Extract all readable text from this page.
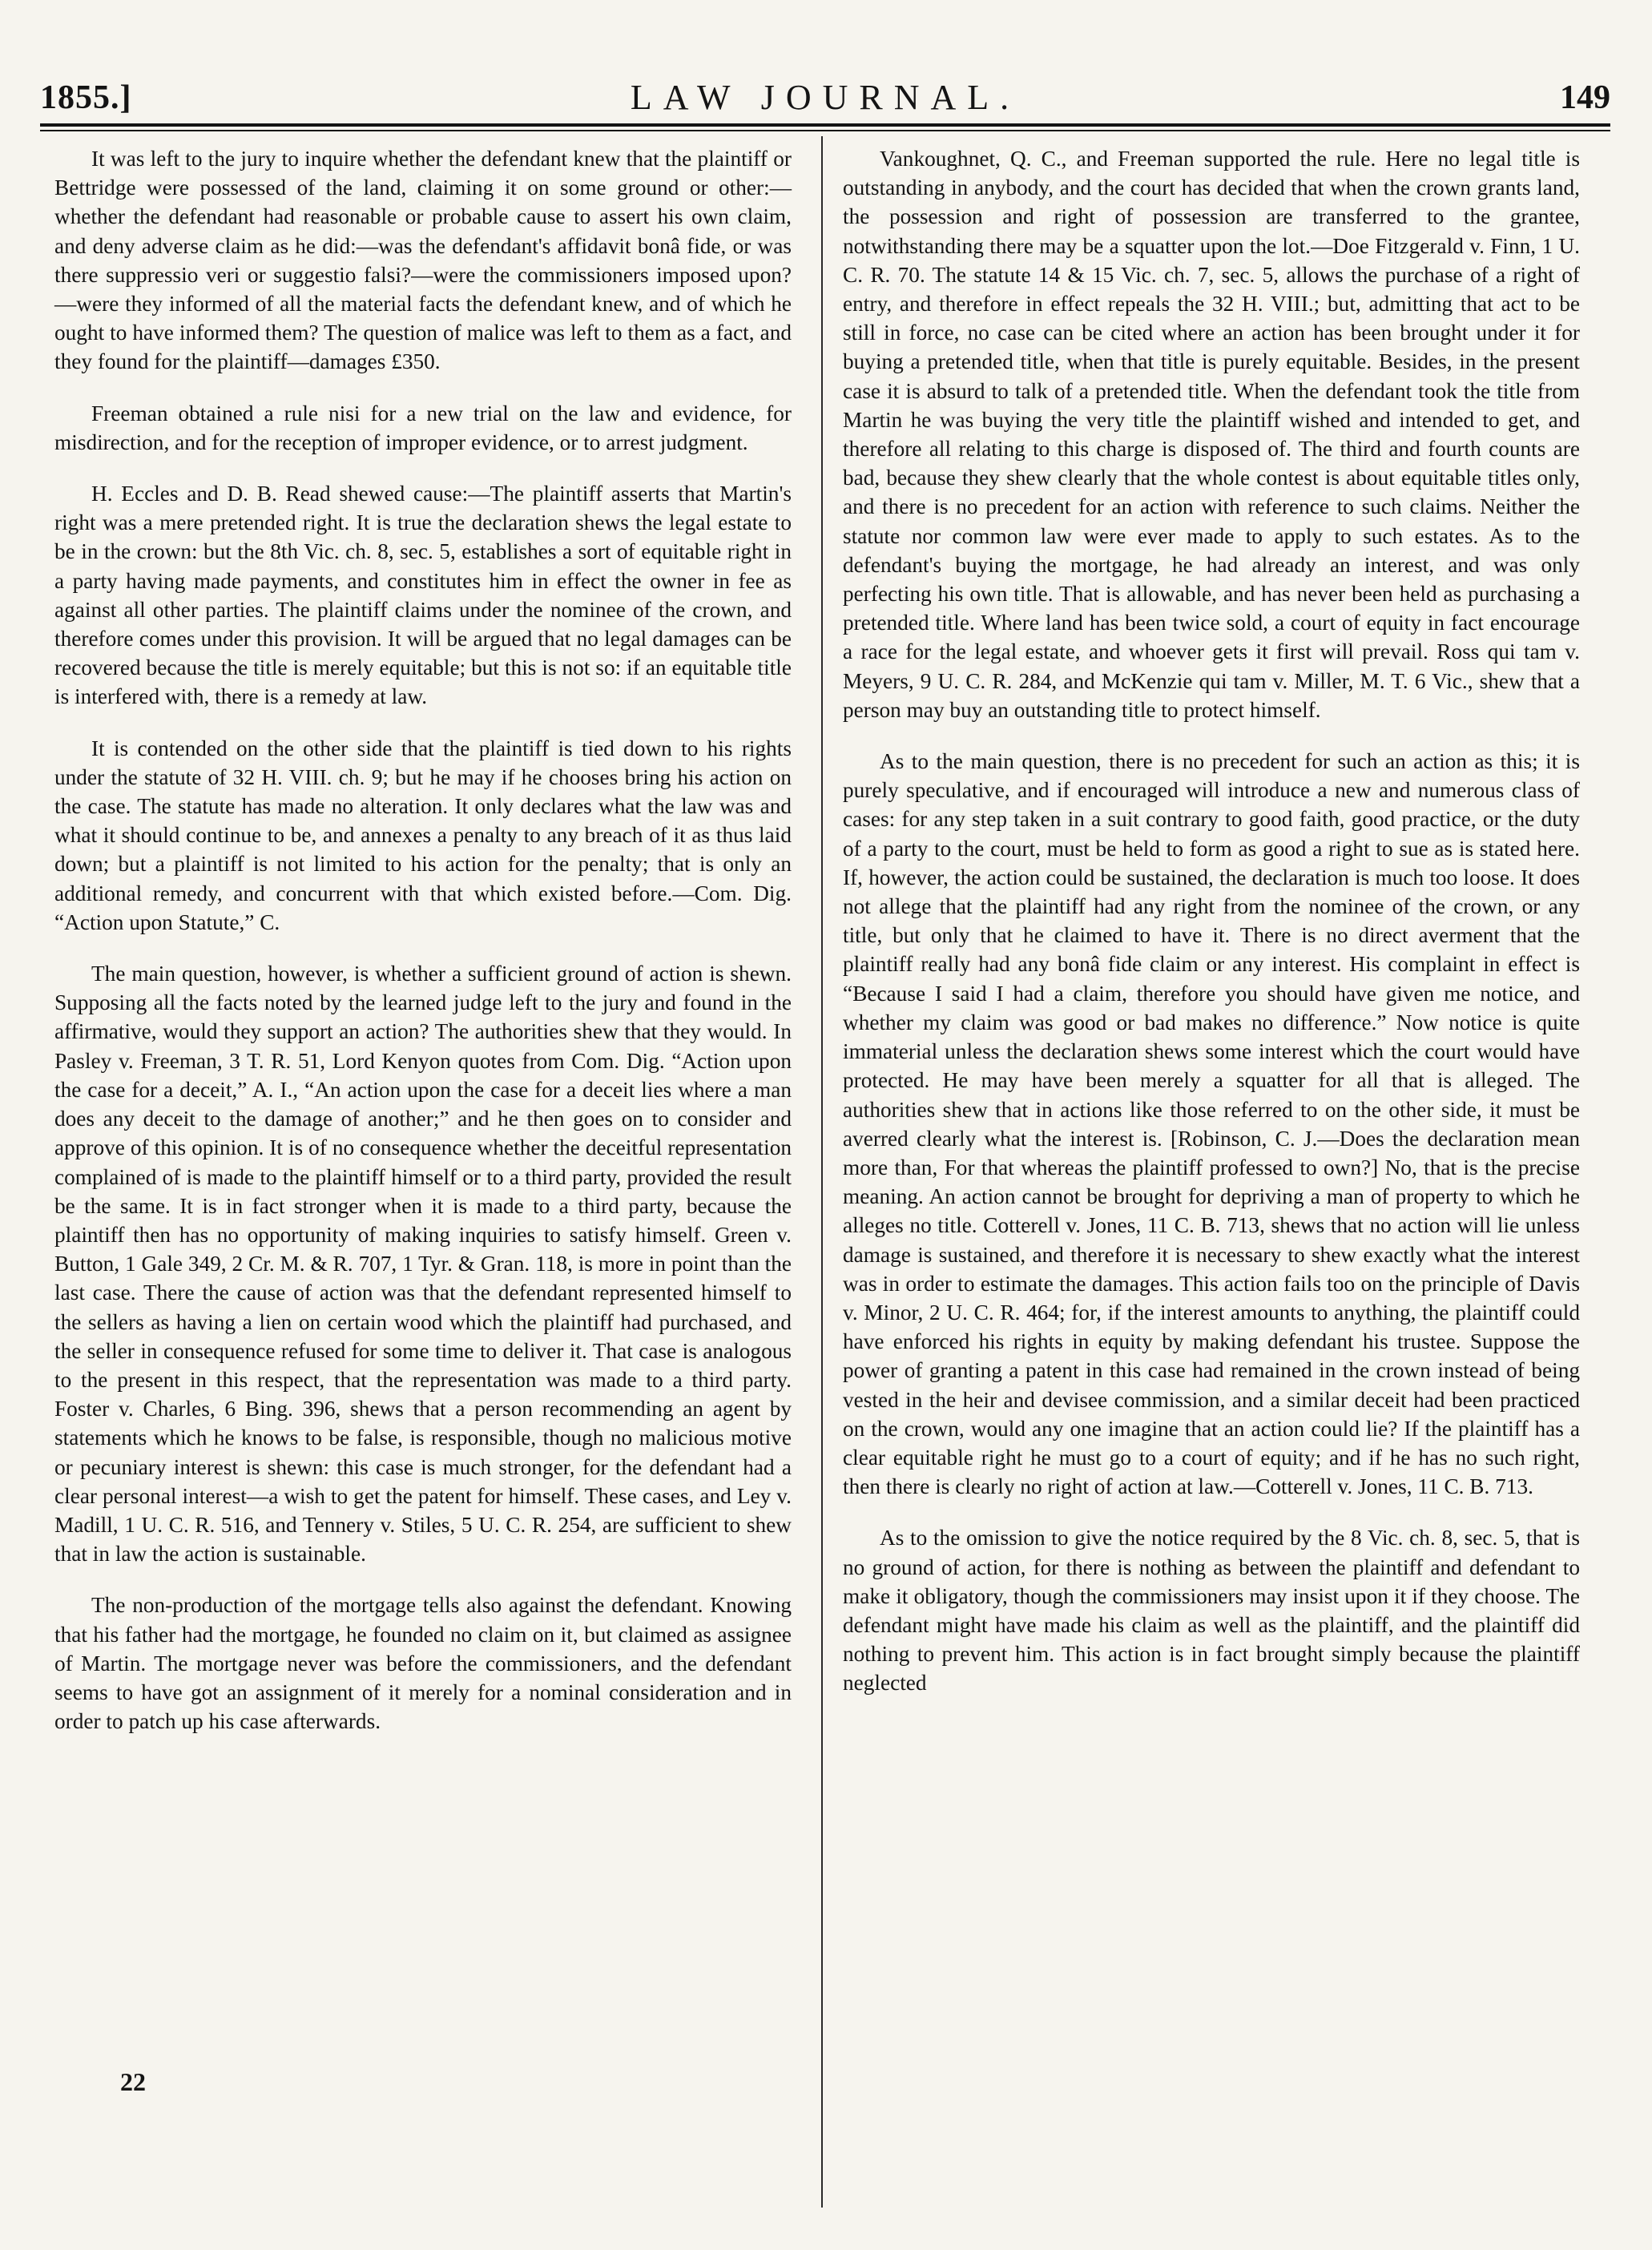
1855.]	LAW JOURNAL.	149

It was left to the jury to inquire whether the defendant knew that the plaintiff or Bettridge were possessed of the land, claiming it on some ground or other:—whether the defendant had reasonable or probable cause to assert his own claim, and deny adverse claim as he did:—was the defendant's affidavit bonâ fide, or was there suppressio veri or suggestio falsi?—were the commissioners imposed upon?—were they informed of all the material facts the defendant knew, and of which he ought to have informed them? The question of malice was left to them as a fact, and they found for the plaintiff—damages £350.

Freeman obtained a rule nisi for a new trial on the law and evidence, for misdirection, and for the reception of improper evidence, or to arrest judgment.

H. Eccles and D. B. Read shewed cause:—The plaintiff asserts that Martin's right was a mere pretended right. It is true the declaration shews the legal estate to be in the crown: but the 8th Vic. ch. 8, sec. 5, establishes a sort of equitable right in a party having made payments, and constitutes him in effect the owner in fee as against all other parties. The plaintiff claims under the nominee of the crown, and therefore comes under this provision. It will be argued that no legal damages can be recovered because the title is merely equitable; but this is not so: if an equitable title is interfered with, there is a remedy at law.

It is contended on the other side that the plaintiff is tied down to his rights under the statute of 32 H. VIII. ch. 9; but he may if he chooses bring his action on the case. The statute has made no alteration. It only declares what the law was and what it should continue to be, and annexes a penalty to any breach of it as thus laid down; but a plaintiff is not limited to his action for the penalty; that is only an additional remedy, and concurrent with that which existed before.—Com. Dig. “Action upon Statute,” C.

The main question, however, is whether a sufficient ground of action is shewn. Supposing all the facts noted by the learned judge left to the jury and found in the affirmative, would they support an action? The authorities shew that they would. In Pasley v. Freeman, 3 T. R. 51, Lord Kenyon quotes from Com. Dig. “Action upon the case for a deceit,” A. I., “An action upon the case for a deceit lies where a man does any deceit to the damage of another;” and he then goes on to consider and approve of this opinion. It is of no consequence whether the deceitful representation complained of is made to the plaintiff himself or to a third party, provided the result be the same. It is in fact stronger when it is made to a third party, because the plaintiff then has no opportunity of making inquiries to satisfy himself. Green v. Button, 1 Gale 349, 2 Cr. M. & R. 707, 1 Tyr. & Gran. 118, is more in point than the last case. There the cause of action was that the defendant represented himself to the sellers as having a lien on certain wood which the plaintiff had purchased, and the seller in consequence refused for some time to deliver it. That case is analogous to the present in this respect, that the representation was made to a third party. Foster v. Charles, 6 Bing. 396, shews that a person recommending an agent by statements which he knows to be false, is responsible, though no malicious motive or pecuniary interest is shewn: this case is much stronger, for the defendant had a clear personal interest—a wish to get the patent for himself. These cases, and Ley v. Madill, 1 U. C. R. 516, and Tennery v. Stiles, 5 U. C. R. 254, are sufficient to shew that in law the action is sustainable.

The non-production of the mortgage tells also against the defendant. Knowing that his father had the mortgage, he founded no claim on it, but claimed as assignee of Martin. The mortgage never was before the commissioners, and the defendant seems to have got an assignment of it merely for a nominal consideration and in order to patch up his case afterwards.

Vankoughnet, Q. C., and Freeman supported the rule. Here no legal title is outstanding in anybody, and the court has decided that when the crown grants land, the possession and right of possession are transferred to the grantee, notwithstanding there may be a squatter upon the lot.—Doe Fitzgerald v. Finn, 1 U. C. R. 70. The statute 14 & 15 Vic. ch. 7, sec. 5, allows the purchase of a right of entry, and therefore in effect repeals the 32 H. VIII.; but, admitting that act to be still in force, no case can be cited where an action has been brought under it for buying a pretended title, when that title is purely equitable. Besides, in the present case it is absurd to talk of a pretended title. When the defendant took the title from Martin he was buying the very title the plaintiff wished and intended to get, and therefore all relating to this charge is disposed of. The third and fourth counts are bad, because they shew clearly that the whole contest is about equitable titles only, and there is no precedent for an action with reference to such claims. Neither the statute nor common law were ever made to apply to such estates. As to the defendant's buying the mortgage, he had already an interest, and was only perfecting his own title. That is allowable, and has never been held as purchasing a pretended title. Where land has been twice sold, a court of equity in fact encourage a race for the legal estate, and whoever gets it first will prevail. Ross qui tam v. Meyers, 9 U. C. R. 284, and McKenzie qui tam v. Miller, M. T. 6 Vic., shew that a person may buy an outstanding title to protect himself.

As to the main question, there is no precedent for such an action as this; it is purely speculative, and if encouraged will introduce a new and numerous class of cases: for any step taken in a suit contrary to good faith, good practice, or the duty of a party to the court, must be held to form as good a right to sue as is stated here. If, however, the action could be sustained, the declaration is much too loose. It does not allege that the plaintiff had any right from the nominee of the crown, or any title, but only that he claimed to have it. There is no direct averment that the plaintiff really had any bonâ fide claim or any interest. His complaint in effect is “Because I said I had a claim, therefore you should have given me notice, and whether my claim was good or bad makes no difference.” Now notice is quite immaterial unless the declaration shews some interest which the court would have protected. He may have been merely a squatter for all that is alleged. The authorities shew that in actions like those referred to on the other side, it must be averred clearly what the interest is. [Robinson, C. J.—Does the declaration mean more than, For that whereas the plaintiff professed to own?] No, that is the precise meaning. An action cannot be brought for depriving a man of property to which he alleges no title. Cotterell v. Jones, 11 C. B. 713, shews that no action will lie unless damage is sustained, and therefore it is necessary to shew exactly what the interest was in order to estimate the damages. This action fails too on the principle of Davis v. Minor, 2 U. C. R. 464; for, if the interest amounts to anything, the plaintiff could have enforced his rights in equity by making defendant his trustee. Suppose the power of granting a patent in this case had remained in the crown instead of being vested in the heir and devisee commission, and a similar deceit had been practiced on the crown, would any one imagine that an action could lie? If the plaintiff has a clear equitable right he must go to a court of equity; and if he has no such right, then there is clearly no right of action at law.—Cotterell v. Jones, 11 C. B. 713.

As to the omission to give the notice required by the 8 Vic. ch. 8, sec. 5, that is no ground of action, for there is nothing as between the plaintiff and defendant to make it obligatory, though the commissioners may insist upon it if they choose. The defendant might have made his claim as well as the plaintiff, and the plaintiff did nothing to prevent him. This action is in fact brought simply because the plaintiff neglected

22
